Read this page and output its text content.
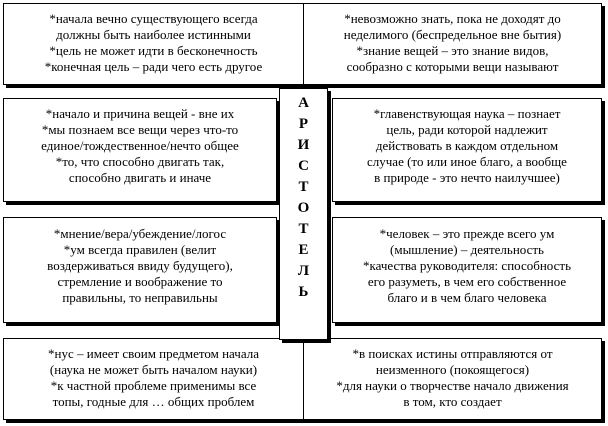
*начала вечно существующего всегда
должны быть наиболее истинными
*цель не может идти в бесконечность
*конечная цель – ради чего есть другое
*невозможно знать, пока не доходят до
неделимого (беспредельное вне бытия)
*знание вещей – это знание видов,
сообразно с которыми вещи называют
*начало и причина вещей - вне их
*мы познаем все вещи через что-то
единое/тождественное/нечто общее
*то, что способно двигать так,
способно двигать и иначе
*главенствующая наука – познает
цель, ради которой надлежит
действовать в каждом отдельном
случае (то или иное благо, а вообще
в природе - это нечто наилучшее)
*мнение/вера/убеждение/логос
*ум всегда правилен (велит
воздерживаться ввиду будущего),
стремление и воображение то
правильны, то неправильны
*человек – это прежде всего ум
(мышление) – деятельность
*качества руководителя: способность
его разуметь, в чем его собственное
благо и в чем благо человека
*нус – имеет своим предметом начала
(наука не может быть началом науки)
*к частной проблеме применимы все
топы, годные для … общих проблем
*в поисках истины отправляются от
неизменного (покоящегося)
*для науки о творчестве начало движения
в том, кто создает
А
Р
И
С
Т
О
Т
Е
Л
Ь
